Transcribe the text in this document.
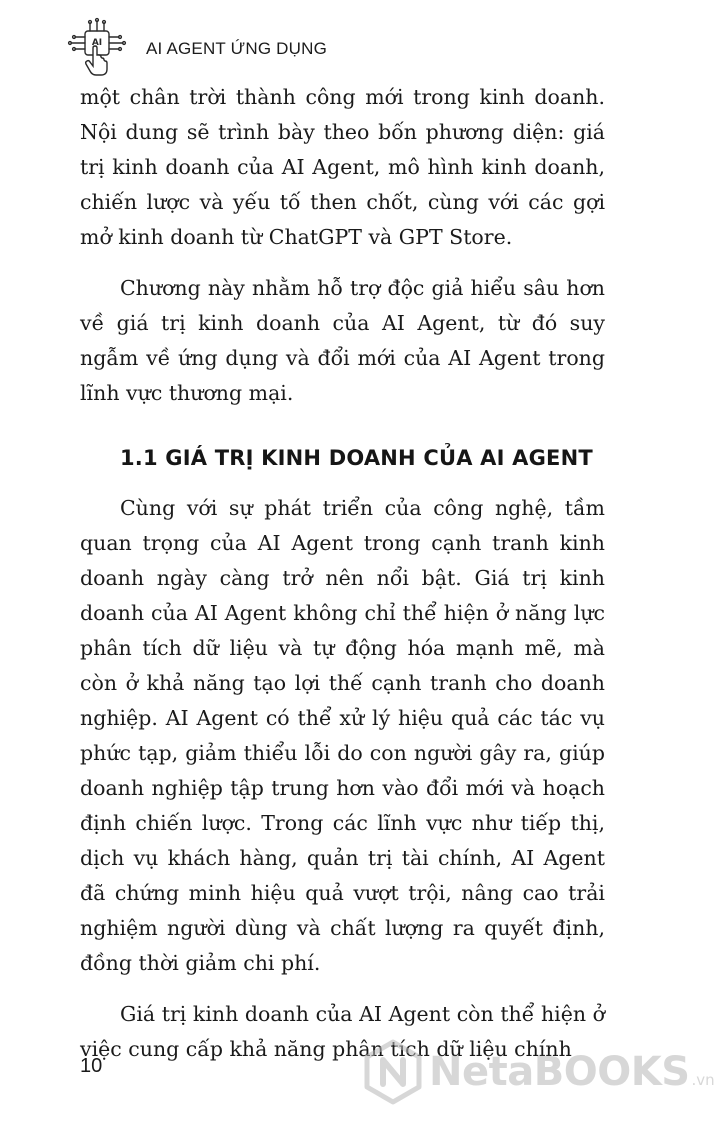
AI	AI AGENT ỨNG DỤNG

một chân trời thành công mới trong kinh doanh. Nội dung sẽ trình bày theo bốn phương diện: giá trị kinh doanh của AI Agent, mô hình kinh doanh, chiến lược và yếu tố then chốt, cùng với các gợi mở kinh doanh từ ChatGPT và GPT Store.

Chương này nhằm hỗ trợ độc giả hiểu sâu hơn về giá trị kinh doanh của AI Agent, từ đó suy ngẫm về ứng dụng và đổi mới của AI Agent trong lĩnh vực thương mại.

1.1 GIÁ TRỊ KINH DOANH CỦA AI AGENT

Cùng với sự phát triển của công nghệ, tầm quan trọng của AI Agent trong cạnh tranh kinh doanh ngày càng trở nên nổi bật. Giá trị kinh doanh của AI Agent không chỉ thể hiện ở năng lực phân tích dữ liệu và tự động hóa mạnh mẽ, mà còn ở khả năng tạo lợi thế cạnh tranh cho doanh nghiệp. AI Agent có thể xử lý hiệu quả các tác vụ phức tạp, giảm thiểu lỗi do con người gây ra, giúp doanh nghiệp tập trung hơn vào đổi mới và hoạch định chiến lược. Trong các lĩnh vực như tiếp thị, dịch vụ khách hàng, quản trị tài chính, AI Agent đã chứng minh hiệu quả vượt trội, nâng cao trải nghiệm người dùng và chất lượng ra quyết định, đồng thời giảm chi phí.

Giá trị kinh doanh của AI Agent còn thể hiện ở việc cung cấp khả năng phân tích dữ liệu chính

10	Neta BOOKS .vn
